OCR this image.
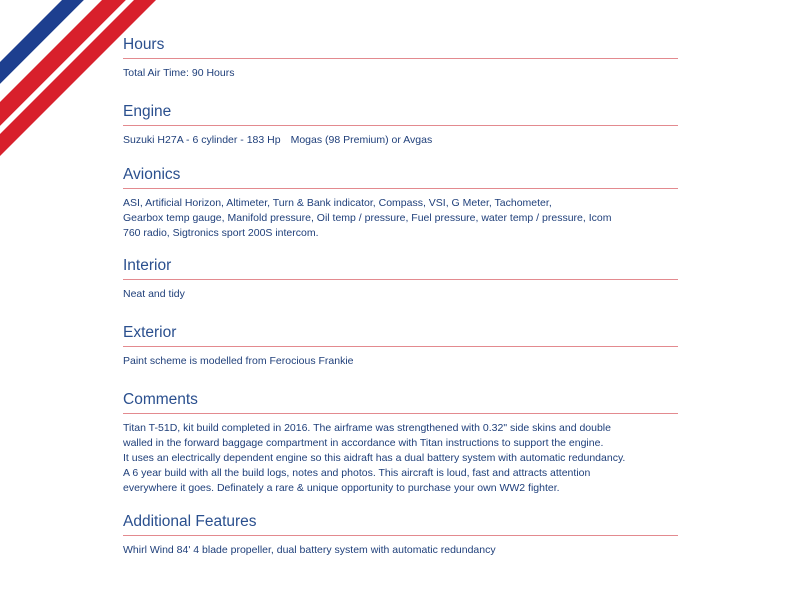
Hours

Total Air Time: 90 Hours

Engine

Suzuki H27A - 6 cylinder - 183 Hp Mogas (98 Premium) or Avgas

Avionics

ASI, Artificial Horizon, Altimeter, Turn & Bank indicator, Compass, VSI, G Meter, Tachometer,
Gearbox temp gauge, Manifold pressure, Oil temp / pressure, Fuel pressure, water temp / pressure, Icom
760 radio, Sigtronics sport 200S intercom.

Interior

Neat and tidy

Exterior

Paint scheme is modelled from Ferocious Frankie

Comments

Titan T-51D, kit build completed in 2016. The airframe was strengthened with 0.32" side skins and double
walled in the forward baggage compartment in accordance with Titan instructions to support the engine.
It uses an electrically dependent engine so this aidraft has a dual battery system with automatic redundancy.
A 6 year build with all the build logs, notes and photos. This aircraft is loud, fast and attracts attention
everywhere it goes. Definately a rare & unique opportunity to purchase your own WW2 fighter.

Additional Features

Whirl Wind 84' 4 blade propeller, dual battery system with automatic redundancy
